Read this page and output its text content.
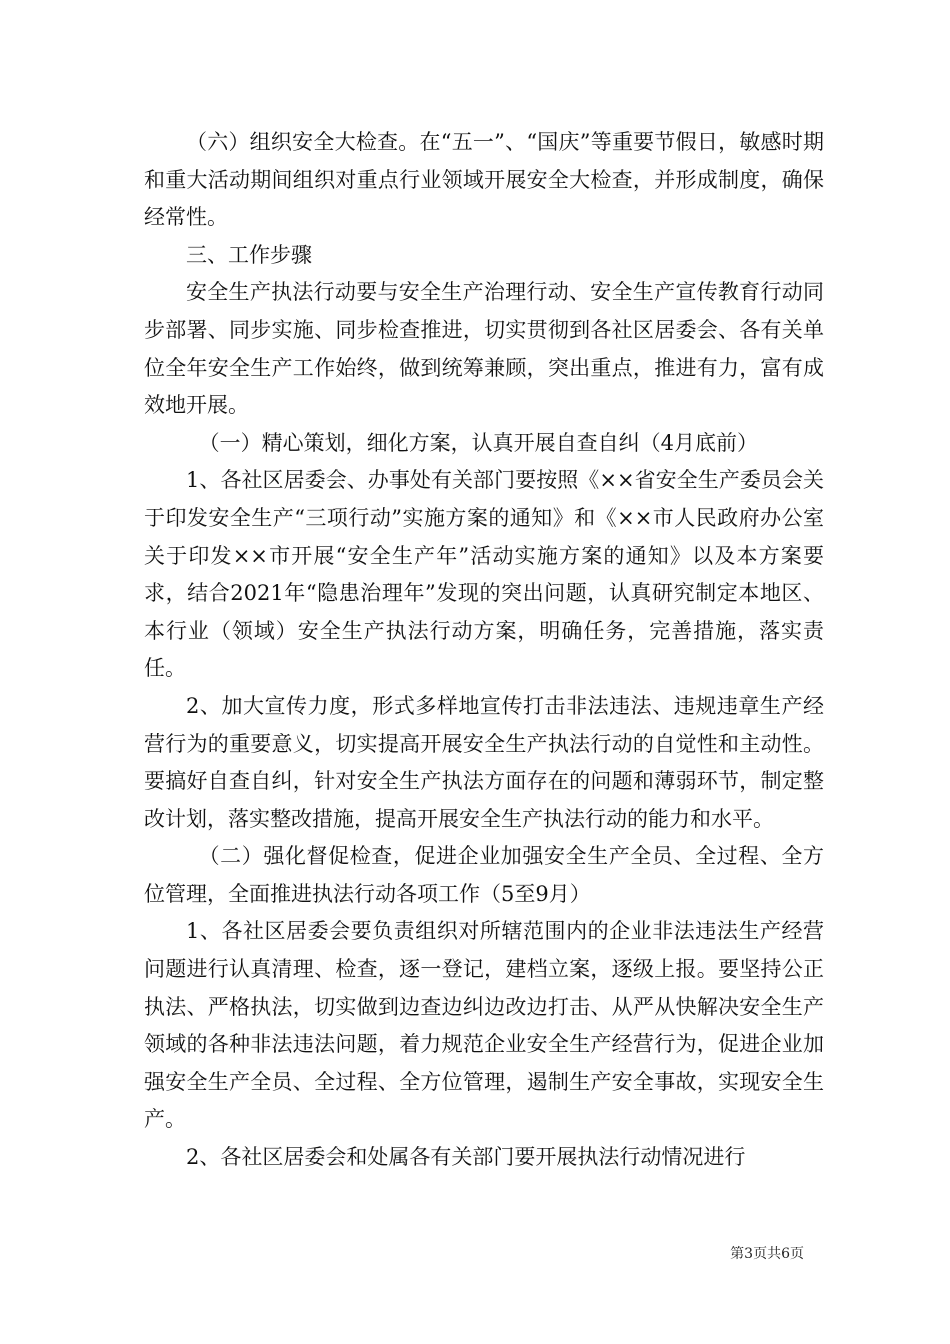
（六）组织安全大检查。在“五一”、“国庆”等重要节假日，敏感时期和重大活动期间组织对重点行业领域开展安全大检查，并形成制度，确保经常性。

三、工作步骤

安全生产执法行动要与安全生产治理行动、安全生产宣传教育行动同步部署、同步实施、同步检查推进，切实贯彻到各社区居委会、各有关单位全年安全生产工作始终，做到统筹兼顾，突出重点，推进有力，富有成效地开展。

（一）精心策划，细化方案，认真开展自查自纠（4月底前）

1、各社区居委会、办事处有关部门要按照《××省安全生产委员会关于印发安全生产“三项行动”实施方案的通知》和《××市人民政府办公室关于印发××市开展“安全生产年”活动实施方案的通知》以及本方案要求，结合2021年“隐患治理年”发现的突出问题，认真研究制定本地区、本行业（领域）安全生产执法行动方案，明确任务，完善措施，落实责任。

2、加大宣传力度，形式多样地宣传打击非法违法、违规违章生产经营行为的重要意义，切实提高开展安全生产执法行动的自觉性和主动性。要搞好自查自纠，针对安全生产执法方面存在的问题和薄弱环节，制定整改计划，落实整改措施，提高开展安全生产执法行动的能力和水平。

（二）强化督促检查，促进企业加强安全生产全员、全过程、全方位管理，全面推进执法行动各项工作（5至9月）

1、各社区居委会要负责组织对所辖范围内的企业非法违法生产经营问题进行认真清理、检查，逐一登记，建档立案，逐级上报。要坚持公正执法、严格执法，切实做到边查边纠边改边打击、从严从快解决安全生产领域的各种非法违法问题，着力规范企业安全生产经营行为，促进企业加强安全生产全员、全过程、全方位管理，遏制生产安全事故，实现安全生产。

2、各社区居委会和处属各有关部门要开展执法行动情况进行

第3页共6页
